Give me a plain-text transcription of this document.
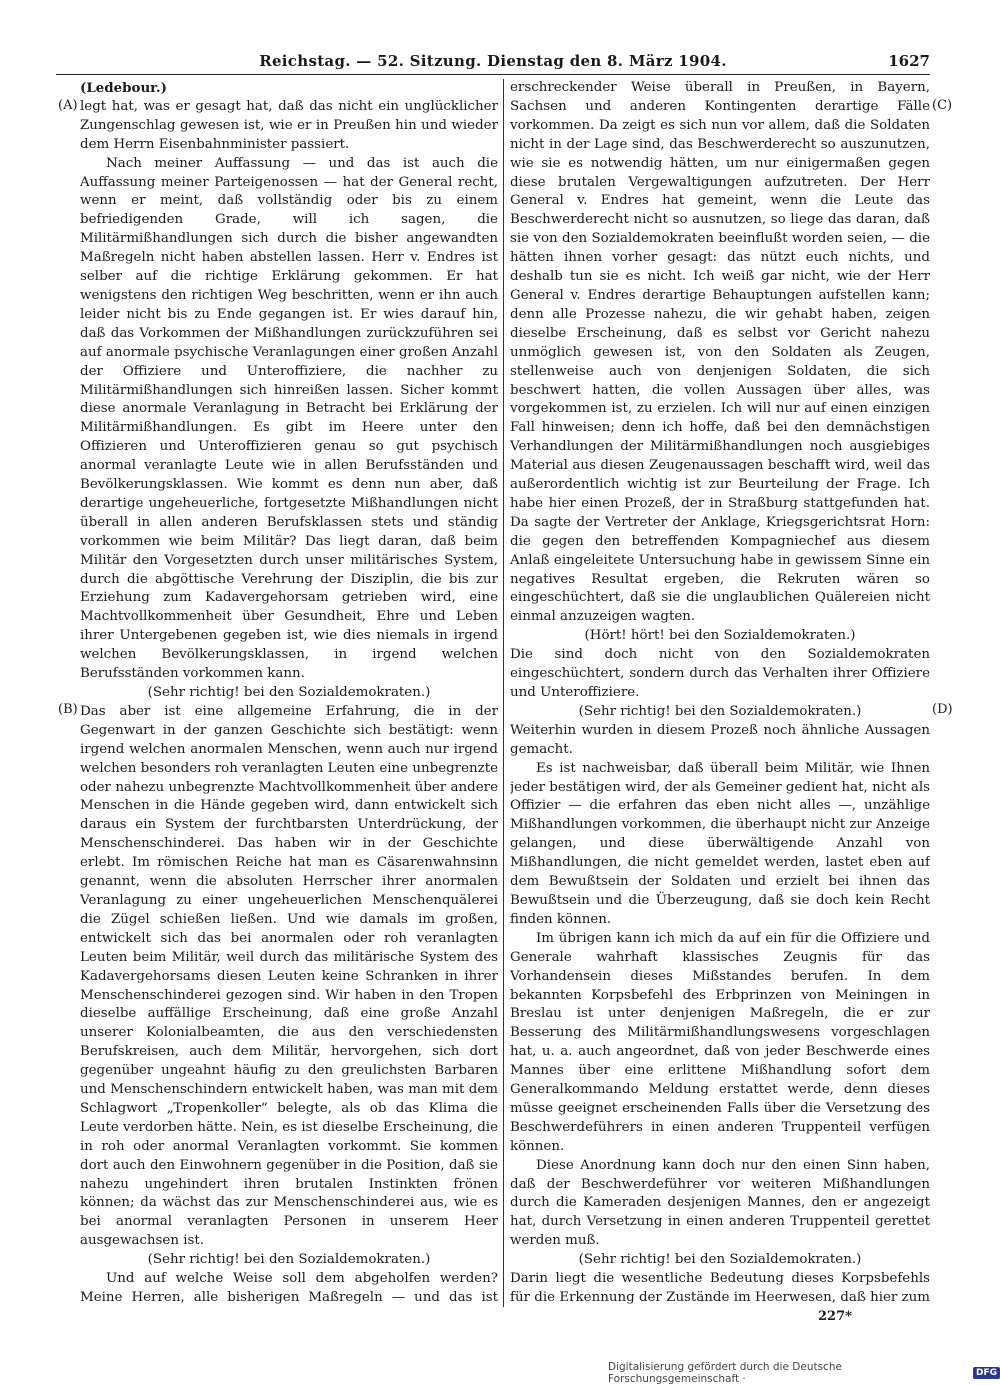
Reichstag. — 52. Sitzung. Dienstag den 8. März 1904.	1627
(A)
(B)
(C)
(D)

(Ledebour.)

legt hat, was er gesagt hat, daß das nicht ein unglücklicher Zungenschlag gewesen ist, wie er in Preußen hin und wieder dem Herrn Eisenbahnminister passiert.

Nach meiner Auffassung — und das ist auch die Auffassung meiner Parteigenossen — hat der General recht, wenn er meint, daß vollständig oder bis zu einem befriedigenden Grade, will ich sagen, die Militärmißhandlungen sich durch die bisher angewandten Maßregeln nicht haben abstellen lassen. Herr v. Endres ist selber auf die richtige Erklärung gekommen. Er hat wenigstens den richtigen Weg beschritten, wenn er ihn auch leider nicht bis zu Ende gegangen ist. Er wies darauf hin, daß das Vorkommen der Mißhandlungen zurückzuführen sei auf anormale psychische Veranlagungen einer großen Anzahl der Offiziere und Unteroffiziere, die nachher zu Militärmißhandlungen sich hinreißen lassen. Sicher kommt diese anormale Veranlagung in Betracht bei Erklärung der Militärmißhandlungen. Es gibt im Heere unter den Offizieren und Unteroffizieren genau so gut psychisch anormal veranlagte Leute wie in allen Berufsständen und Bevölkerungsklassen. Wie kommt es denn nun aber, daß derartige ungeheuerliche, fortgesetzte Mißhandlungen nicht überall in allen anderen Berufsklassen stets und ständig vorkommen wie beim Militär? Das liegt daran, daß beim Militär den Vorgesetzten durch unser militärisches System, durch die abgöttische Verehrung der Disziplin, die bis zur Erziehung zum Kadavergehorsam getrieben wird, eine Machtvollkommenheit über Gesundheit, Ehre und Leben ihrer Untergebenen gegeben ist, wie dies niemals in irgend welchen Bevölkerungsklassen, in irgend welchen Berufsständen vorkommen kann.

(Sehr richtig! bei den Sozialdemokraten.)

Das aber ist eine allgemeine Erfahrung, die in der Gegenwart in der ganzen Geschichte sich bestätigt: wenn irgend welchen anormalen Menschen, wenn auch nur irgend welchen besonders roh veranlagten Leuten eine unbegrenzte oder nahezu unbegrenzte Machtvollkommenheit über andere Menschen in die Hände gegeben wird, dann entwickelt sich daraus ein System der furchtbarsten Unterdrückung, der Menschenschinderei. Das haben wir in der Geschichte erlebt. Im römischen Reiche hat man es Cäsarenwahnsinn genannt, wenn die absoluten Herrscher ihrer anormalen Veranlagung zu einer ungeheuerlichen Menschenquälerei die Zügel schießen ließen. Und wie damals im großen, entwickelt sich das bei anormalen oder roh veranlagten Leuten beim Militär, weil durch das militärische System des Kadavergehorsams diesen Leuten keine Schranken in ihrer Menschenschinderei gezogen sind. Wir haben in den Tropen dieselbe auffällige Erscheinung, daß eine große Anzahl unserer Kolonialbeamten, die aus den verschiedensten Berufskreisen, auch dem Militär, hervorgehen, sich dort gegenüber ungeahnt häufig zu den greulichsten Barbaren und Menschenschindern entwickelt haben, was man mit dem Schlagwort „Tropenkoller“ belegte, als ob das Klima die Leute verdorben hätte. Nein, es ist dieselbe Erscheinung, die in roh oder anormal Veranlagten vorkommt. Sie kommen dort auch den Einwohnern gegenüber in die Position, daß sie nahezu ungehindert ihren brutalen Instinkten frönen können; da wächst das zur Menschenschinderei aus, wie es bei anormal veranlagten Personen in unserem Heer ausgewachsen ist.

(Sehr richtig! bei den Sozialdemokraten.)

Und auf welche Weise soll dem abgeholfen werden? Meine Herren, alle bisherigen Maßregeln — und das ist

erschreckender Weise überall in Preußen, in Bayern, Sachsen und anderen Kontingenten derartige Fälle vorkommen. Da zeigt es sich nun vor allem, daß die Soldaten nicht in der Lage sind, das Beschwerderecht so auszunutzen, wie sie es notwendig hätten, um nur einigermaßen gegen diese brutalen Vergewaltigungen aufzutreten. Der Herr General v. Endres hat gemeint, wenn die Leute das Beschwerderecht nicht so ausnutzen, so liege das daran, daß sie von den Sozialdemokraten beeinflußt worden seien, — die hätten ihnen vorher gesagt: das nützt euch nichts, und deshalb tun sie es nicht. Ich weiß gar nicht, wie der Herr General v. Endres derartige Behauptungen aufstellen kann; denn alle Prozesse nahezu, die wir gehabt haben, zeigen dieselbe Erscheinung, daß es selbst vor Gericht nahezu unmöglich gewesen ist, von den Soldaten als Zeugen, stellenweise auch von denjenigen Soldaten, die sich beschwert hatten, die vollen Aussagen über alles, was vorgekommen ist, zu erzielen. Ich will nur auf einen einzigen Fall hinweisen; denn ich hoffe, daß bei den demnächstigen Verhandlungen der Militärmißhandlungen noch ausgiebiges Material aus diesen Zeugenaussagen beschafft wird, weil das außerordentlich wichtig ist zur Beurteilung der Frage. Ich habe hier einen Prozeß, der in Straßburg stattgefunden hat. Da sagte der Vertreter der Anklage, Kriegsgerichtsrat Horn: die gegen den betreffenden Kompagniechef aus diesem Anlaß eingeleitete Untersuchung habe in gewissem Sinne ein negatives Resultat ergeben, die Rekruten wären so eingeschüchtert, daß sie die unglaublichen Quälereien nicht einmal anzuzeigen wagten.

(Hört! hört! bei den Sozialdemokraten.)

Die sind doch nicht von den Sozialdemokraten eingeschüchtert, sondern durch das Verhalten ihrer Offiziere und Unteroffiziere.

(Sehr richtig! bei den Sozialdemokraten.)

Weiterhin wurden in diesem Prozeß noch ähnliche Aussagen gemacht.

Es ist nachweisbar, daß überall beim Militär, wie Ihnen jeder bestätigen wird, der als Gemeiner gedient hat, nicht als Offizier — die erfahren das eben nicht alles —, unzählige Mißhandlungen vorkommen, die überhaupt nicht zur Anzeige gelangen, und diese überwältigende Anzahl von Mißhandlungen, die nicht gemeldet werden, lastet eben auf dem Bewußtsein der Soldaten und erzielt bei ihnen das Bewußtsein und die Überzeugung, daß sie doch kein Recht finden können.

Im übrigen kann ich mich da auf ein für die Offiziere und Generale wahrhaft klassisches Zeugnis für das Vorhandensein dieses Mißstandes berufen. In dem bekannten Korpsbefehl des Erbprinzen von Meiningen in Breslau ist unter denjenigen Maßregeln, die er zur Besserung des Militärmißhandlungswesens vorgeschlagen hat, u. a. auch angeordnet, daß von jeder Beschwerde eines Mannes über eine erlittene Mißhandlung sofort dem Generalkommando Meldung erstattet werde, denn dieses müsse geeignet erscheinenden Falls über die Versetzung des Beschwerdeführers in einen anderen Truppenteil verfügen können.

Diese Anordnung kann doch nur den einen Sinn haben, daß der Beschwerdeführer vor weiteren Mißhandlungen durch die Kameraden desjenigen Mannes, den er angezeigt hat, durch Versetzung in einen anderen Truppenteil gerettet werden muß.

(Sehr richtig! bei den Sozialdemokraten.)

Darin liegt die wesentliche Bedeutung dieses Korpsbefehls für die Erkennung der Zustände im Heerwesen, daß hier zum

227*
Digitalisierung gefördert durch die Deutsche Forschungsgemeinschaft ·	DFG
